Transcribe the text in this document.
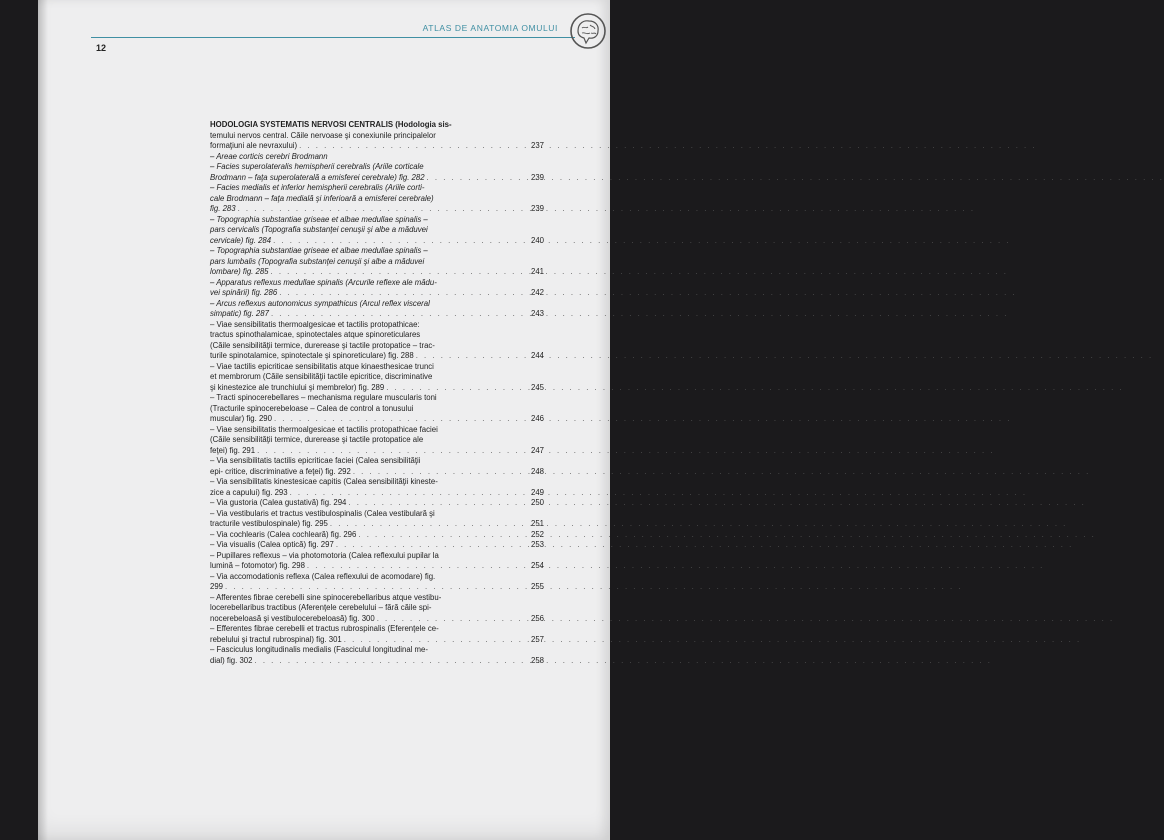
ATLAS DE ANATOMIA OMULUI
12
HODOLOGIA SYSTEMATIS NERVOSI CENTRALIS (Hodologia sis-
temului nervos central. Căile nervoase şi conexiunile principalelor
formaţiuni ale nevraxului) . . .	237
– Areae corticis cerebri Brodmann
– Facies superolateralis hemispherii cerebralis (Ariile corticale
Brodmann – faţa superolaterală a emisferei cerebrale) fig. 282 . . .	239
– Facies medialis et inferior hemispherii cerebralis (Ariile corti-
cale Brodmann – faţa medială şi inferioară a emisferei cerebrale)
fig. 283 . . .	239
– Topographia substantiae griseae et albae medullae spinalis –
pars cervicalis (Topografia substanţei cenuşii şi albe a măduvei
cervicale) fig. 284 . . .	240
– Topographia substantiae griseae et albae medullae spinalis –
pars lumbalis (Topografia substanţei cenuşii şi albe a măduvei
lombare) fig. 285 . . .	241
– Apparatus reflexus medullae spinalis (Arcurile reflexe ale mădu-
vei spinării) fig. 286 . . .	242
– Arcus reflexus autonomicus sympathicus (Arcul reflex visceral
simpatic) fig. 287 . . .	243
– Viae sensibilitatis thermoalgesicae et tactilis protopathicae:
tractus spinothalamicae, spinotectales atque spinoreticulares
(Căile sensibilităţii termice, durerease şi tactile protopatice – trac-
turile spinotalamice, spinotectale şi spinoreticulare) fig. 288 . . .	244
– Viae tactilis epicriticae sensibilitatis atque kinaesthesicae trunci
et membrorum (Căile sensibilităţii tactile epicritice, discriminative
şi kinestezice ale trunchiului şi membrelor) fig. 289 . . .	245
– Tracti spinocerebellares – mechanisma regulare muscularis toni
(Tracturile spinocerebeloase – Calea de control a tonusului
muscular) fig. 290 . . .	246
– Viae sensibilitatis thermoalgesicae et tactilis protopathicae faciei
(Căile sensibilităţii termice, durerease şi tactile protopatice ale
feţei) fig. 291 . . .	247
– Via sensibilitatis tactilis epicriticae faciei (Calea sensibilităţii
epi- critice, discriminative a feţei) fig. 292 . . .	248
– Via sensibilitatis kinestesicae capitis (Calea sensibilităţii kineste-
zice a capului) fig. 293 . . .	249
– Via gustoria (Calea gustativă) fig. 294 . . .	250
– Via vestibularis et tractus vestibulospinalis (Calea vestibulară şi
tracturile vestibulospinale) fig. 295 . . .	251
– Via cochlearis (Calea cochleară) fig. 296 . . .	252
– Via visualis (Calea optică) fig. 297 . . .	253
– Pupillares reflexus – via photomotoria (Calea reflexului pupilar la
lumină – fotomotor) fig. 298 . . .	254
– Via accomodationis reflexa (Calea reflexului de acomodare) fig.
299 . . .	255
– Afferentes fibrae cerebelli sine spinocerebellaribus atque vestibu-
locerebellaribus tractibus (Aferenţele cerebelului – fără căile spi-
nocerebeloasă şi vestibulocerebeloasă) fig. 300 . . .	256
– Efferentes fibrae cerebelli et tractus rubrospinalis (Eferenţele ce-
rebelului şi tractul rubrospinal) fig. 301 . . .	257
– Fasciculus longitudinalis medialis (Fasciculul longitudinal me-
dial) fig. 302 . . .	258
